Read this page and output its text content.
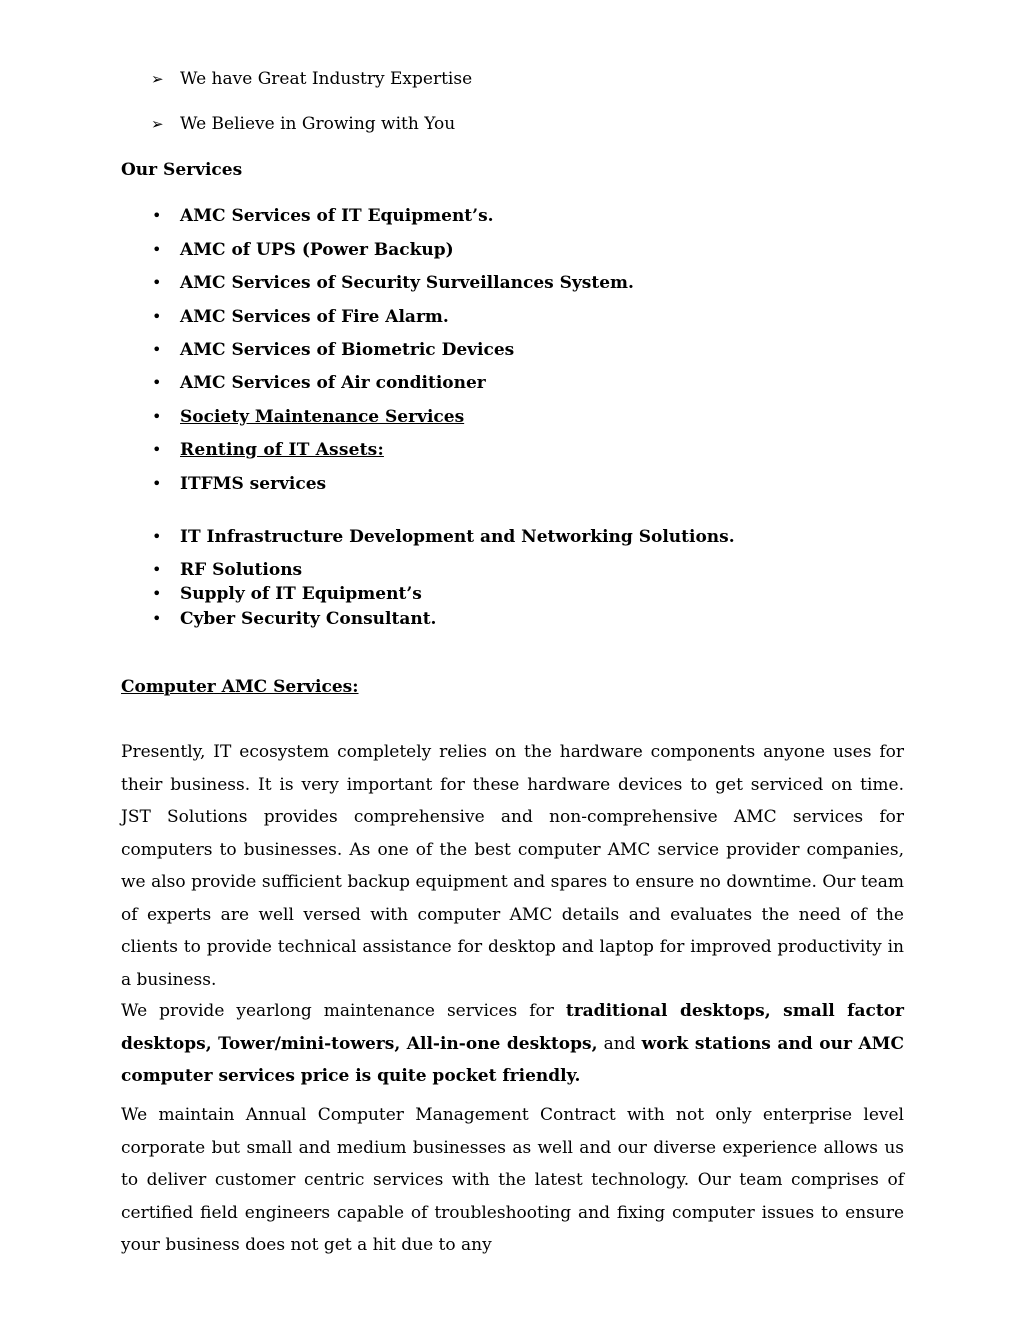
➢ We have Great Industry Expertise
➢ We Believe in Growing with You
Our Services
• AMC Services of IT Equipment’s.
• AMC of UPS (Power Backup)
• AMC Services of Security Surveillances System.
• AMC Services of Fire Alarm.
• AMC Services of Biometric Devices
• AMC Services of Air conditioner
• Society Maintenance Services
• Renting of IT Assets:
• ITFMS services
• IT Infrastructure Development and Networking Solutions.
• RF Solutions
• Supply of IT Equipment’s
• Cyber Security Consultant.
Computer AMC Services:
Presently, IT ecosystem completely relies on the hardware components anyone uses for their business. It is very important for these hardware devices to get serviced on time. JST Solutions provides comprehensive and non-comprehensive AMC services for computers to businesses. As one of the best computer AMC service provider companies, we also provide sufficient backup equipment and spares to ensure no downtime. Our team of experts are well versed with computer AMC details and evaluates the need of the clients to provide technical assistance for desktop and laptop for improved productivity in a business.
We provide yearlong maintenance services for traditional desktops, small factor desktops, Tower/mini-towers, All-in-one desktops, and work stations and our AMC computer services price is quite pocket friendly.
We maintain Annual Computer Management Contract with not only enterprise level corporate but small and medium businesses as well and our diverse experience allows us to deliver customer centric services with the latest technology. Our team comprises of certified field engineers capable of troubleshooting and fixing computer issues to ensure your business does not get a hit due to any
